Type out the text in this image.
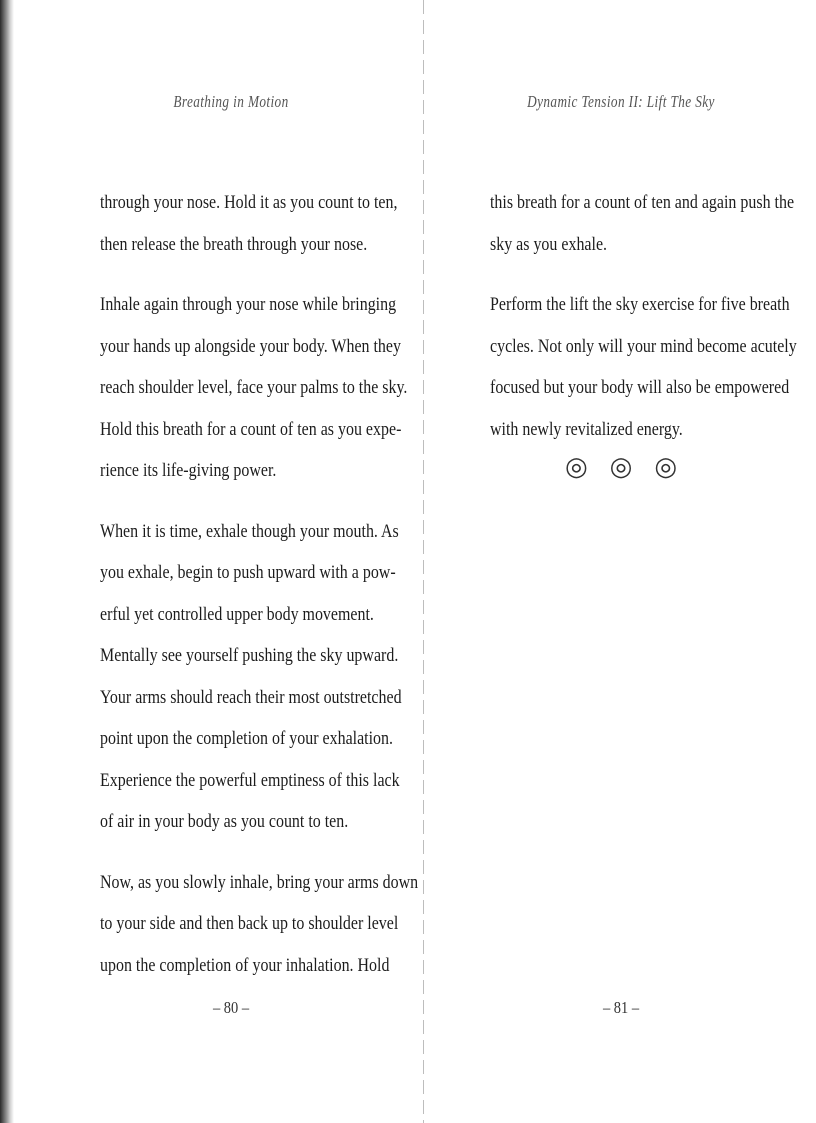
Breathing in Motion

through your nose. Hold it as you count to ten,
then release the breath through your nose.

Inhale again through your nose while bringing
your hands up alongside your body. When they
reach shoulder level, face your palms to the sky.
Hold this breath for a count of ten as you expe-
rience its life-giving power.

When it is time, exhale though your mouth. As
you exhale, begin to push upward with a pow-
erful yet controlled upper body movement.
Mentally see yourself pushing the sky upward.
Your arms should reach their most outstretched
point upon the completion of your exhalation.
Experience the powerful emptiness of this lack
of air in your body as you count to ten.

Now, as you slowly inhale, bring your arms down
to your side and then back up to shoulder level
upon the completion of your inhalation. Hold

– 80 –
Dynamic Tension II: Lift The Sky

this breath for a count of ten and again push the
sky as you exhale.

Perform the lift the sky exercise for five breath
cycles. Not only will your mind become acutely
focused but your body will also be empowered
with newly revitalized energy.

◎ ◎ ◎
– 81 –
